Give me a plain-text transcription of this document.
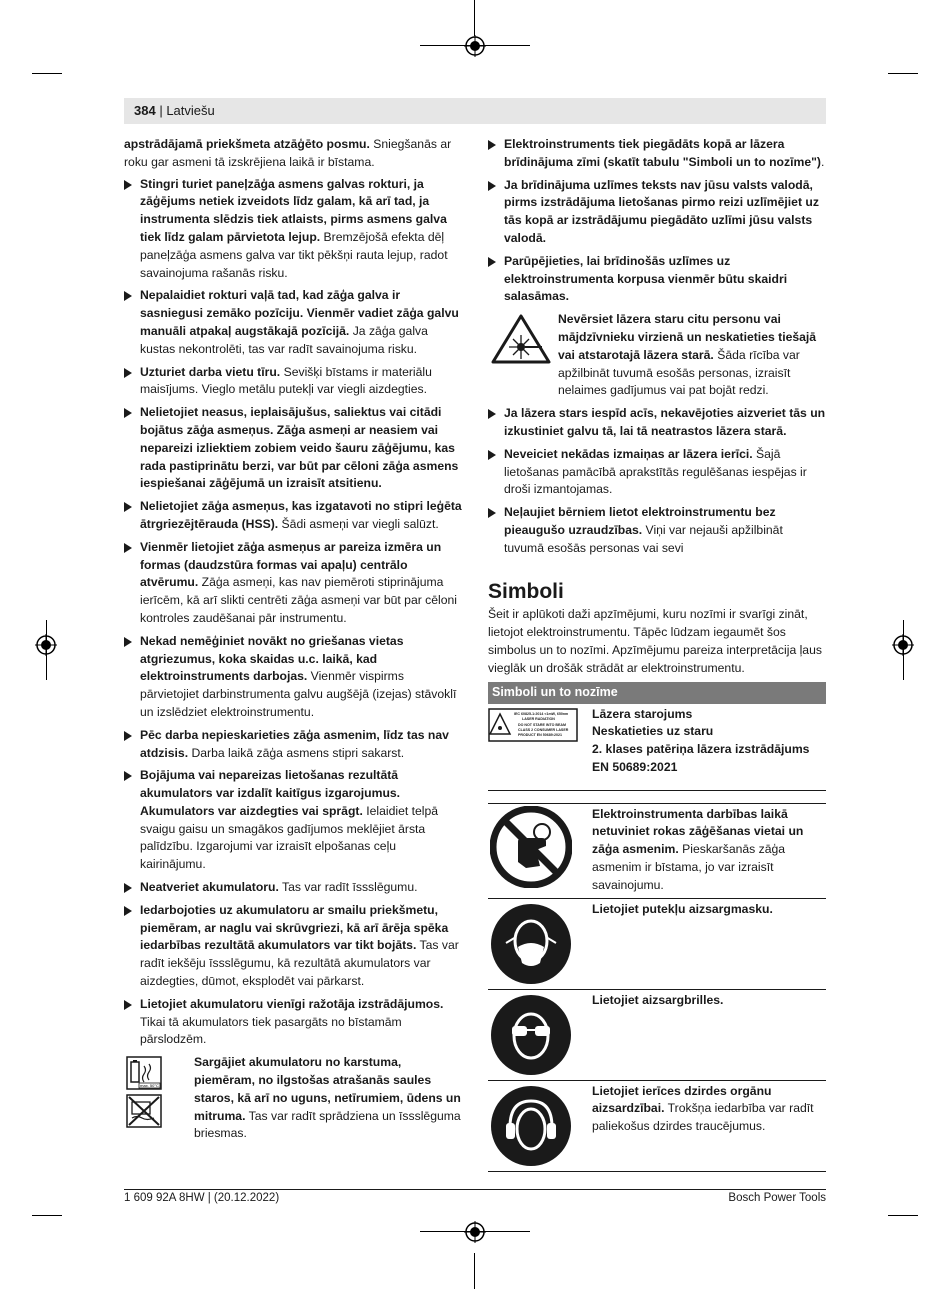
384 | Latviešu

apstrādājamā priekšmeta atzāģēto posmu. Sniegšanās ar roku gar asmeni tā izskrējiena laikā ir bīstama.

Stingri turiet paneļzāģa asmens galvas rokturi, ja zāģējums netiek izveidots līdz galam, kā arī tad, ja instrumenta slēdzis tiek atlaists, pirms asmens galva tiek līdz galam pārvietota lejup. Bremzējošā efekta dēļ paneļzāģa asmens galva var tikt pēkšņi rauta lejup, radot savainojuma rašanās risku.
Nepalaidiet rokturi vaļā tad, kad zāģa galva ir sasniegusi zemāko pozīciju. Vienmēr vadiet zāģa galvu manuāli atpakaļ augstākajā pozīcijā. Ja zāģa galva kustas nekontrolēti, tas var radīt savainojuma risku.
Uzturiet darba vietu tīru. Sevišķi bīstams ir materiālu maisījums. Vieglo metālu putekļi var viegli aizdegties.
Nelietojiet neasus, ieplaisājušus, saliektus vai citādi bojātus zāģa asmeņus. Zāģa asmeņi ar neasiem vai nepareizi izliektiem zobiem veido šauru zāģējumu, kas rada pastiprinātu berzi, var būt par cēloni zāģa asmens iespiešanai zāģējumā un izraisīt atsitienu.
Nelietojiet zāģa asmeņus, kas izgatavoti no stipri leģēta ātrgriezējtērauda (HSS). Šādi asmeņi var viegli salūzt.
Vienmēr lietojiet zāģa asmeņus ar pareiza izmēra un formas (daudzstūra formas vai apaļu) centrālo atvērumu. Zāģa asmeņi, kas nav piemēroti stiprinājuma ierīcēm, kā arī slikti centrēti zāģa asmeņi var būt par cēloni kontroles zaudēšanai pār instrumentu.
Nekad nemēģiniet novākt no griešanas vietas atgriezumus, koka skaidas u.c. laikā, kad elektroinstruments darbojas. Vienmēr vispirms pārvietojiet darbinstrumenta galvu augšējā (izejas) stāvoklī un izslēdziet elektroinstrumentu.
Pēc darba nepieskarieties zāģa asmenim, līdz tas nav atdzisis. Darba laikā zāģa asmens stipri sakarst.
Bojājuma vai nepareizas lietošanas rezultātā akumulators var izdalīt kaitīgus izgarojumus. Akumulators var aizdegties vai sprāgt. Ielaidiet telpā svaigu gaisu un smagākos gadījumos meklējiet ārsta palīdzību. Izgarojumi var izraisīt elpošanas ceļu kairinājumu.
Neatveriet akumulatoru. Tas var radīt īssslēgumu.
Iedarbojoties uz akumulatoru ar smailu priekšmetu, piemēram, ar naglu vai skrūvgriezi, kā arī ārēja spēka iedarbības rezultātā akumulators var tikt bojāts. Tas var radīt iekšēju īssslēgumu, kā rezultātā akumulators var aizdegties, dūmot, eksplodēt vai pārkarst.
Lietojiet akumulatoru vienīgi ražotāja izstrādājumos. Tikai tā akumulators tiek pasargāts no bīstamām pārslodzēm.
max. 50°C
Sargājiet akumulatoru no karstuma, piemēram, no ilgstošas atrašanās saules staros, kā arī no uguns, netīrumiem, ūdens un mitruma. Tas var radīt sprādziena un īssslēguma briesmas.
Elektroinstruments tiek piegādāts kopā ar lāzera brīdinājuma zīmi (skatīt tabulu "Simboli un to nozīme").
Ja brīdinājuma uzlīmes teksts nav jūsu valsts valodā, pirms izstrādājuma lietošanas pirmo reizi uzlīmējiet uz tās kopā ar izstrādājumu piegādāto uzlīmi jūsu valsts valodā.
Parūpējieties, lai brīdinošās uzlīmes uz elektroinstrumenta korpusa vienmēr būtu skaidri salasāmas.
Nevērsiet lāzera staru citu personu vai mājdzīvnieku virzienā un neskatieties tiešajā vai atstarotajā lāzera starā. Šāda rīcība var apžilbināt tuvumā esošās personas, izraisīt nelaimes gadījumus vai pat bojāt redzi.
Ja lāzera stars iespīd acīs, nekavējoties aizveriet tās un izkustiniet galvu tā, lai tā neatrastos lāzera starā.
Neveiciet nekādas izmaiņas ar lāzera ierīci. Šajā lietošanas pamācībā aprakstītās regulēšanas iespējas ir droši izmantojamas.
Neļaujiet bērniem lietot elektroinstrumentu bez pieaugušo uzraudzības. Viņi var nejauši apžilbināt tuvumā esošās personas vai sevi

Simboli

Šeit ir aplūkoti daži apzīmējumi, kuru nozīmi ir svarīgi zināt, lietojot elektroinstrumentu. Tāpēc lūdzam iegaumēt šos simbolus un to nozīmi. Apzīmējumu pareiza interpretācija ļaus vieglāk un drošāk strādāt ar elektroinstrumentu.

Simboli un to nozīme
IEC 60825-1:2014 <1mW, 650nm
LASER RADIATION
DO NOT STARE INTO BEAM
CLASS 2 CONSUMER LASER
PRODUCT EN 50689:2021
Lāzera starojums
Neskatieties uz staru
2. klases patēriņa lāzera izstrādājums
EN 50689:2021
Elektroinstrumenta darbības laikā netuviniet rokas zāģēšanas vietai un zāģa asmenim. Pieskaršanās zāģa asmenim ir bīstama, jo var izraisīt savainojumu.
Lietojiet putekļu aizsargmasku.
Lietojiet aizsargbrilles.
Lietojiet ierīces dzirdes orgānu aizsardzībai. Trokšņa iedarbība var radīt paliekošus dzirdes traucējumus.
1 609 92A 8HW | (20.12.2022)	Bosch Power Tools
